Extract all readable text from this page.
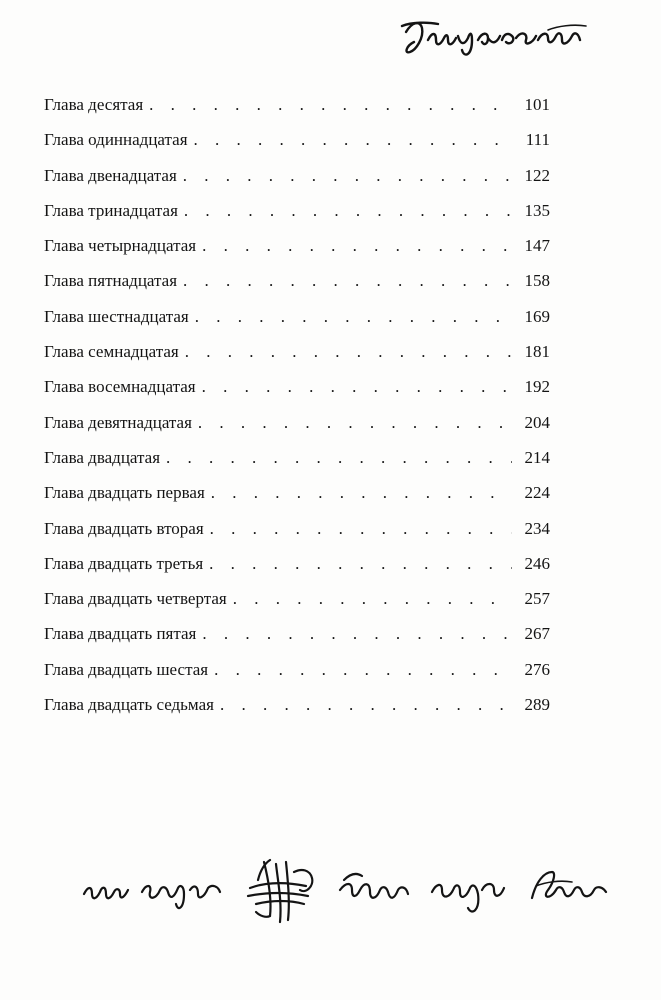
Глава десятая . . .	101
Глава одиннадцатая . . .	111
Глава двенадцатая . . .	122
Глава тринадцатая . . .	135
Глава четырнадцатая . . .	147
Глава пятнадцатая . . .	158
Глава шестнадцатая . . .	169
Глава семнадцатая . . .	181
Глава восемнадцатая . . .	192
Глава девятнадцатая . . .	204
Глава двадцатая . . .	214
Глава двадцать первая . . .	224
Глава двадцать вторая . . .	234
Глава двадцать третья . . .	246
Глава двадцать четвертая . . .	257
Глава двадцать пятая . . .	267
Глава двадцать шестая . . .	276
Глава двадцать седьмая . . .	289
